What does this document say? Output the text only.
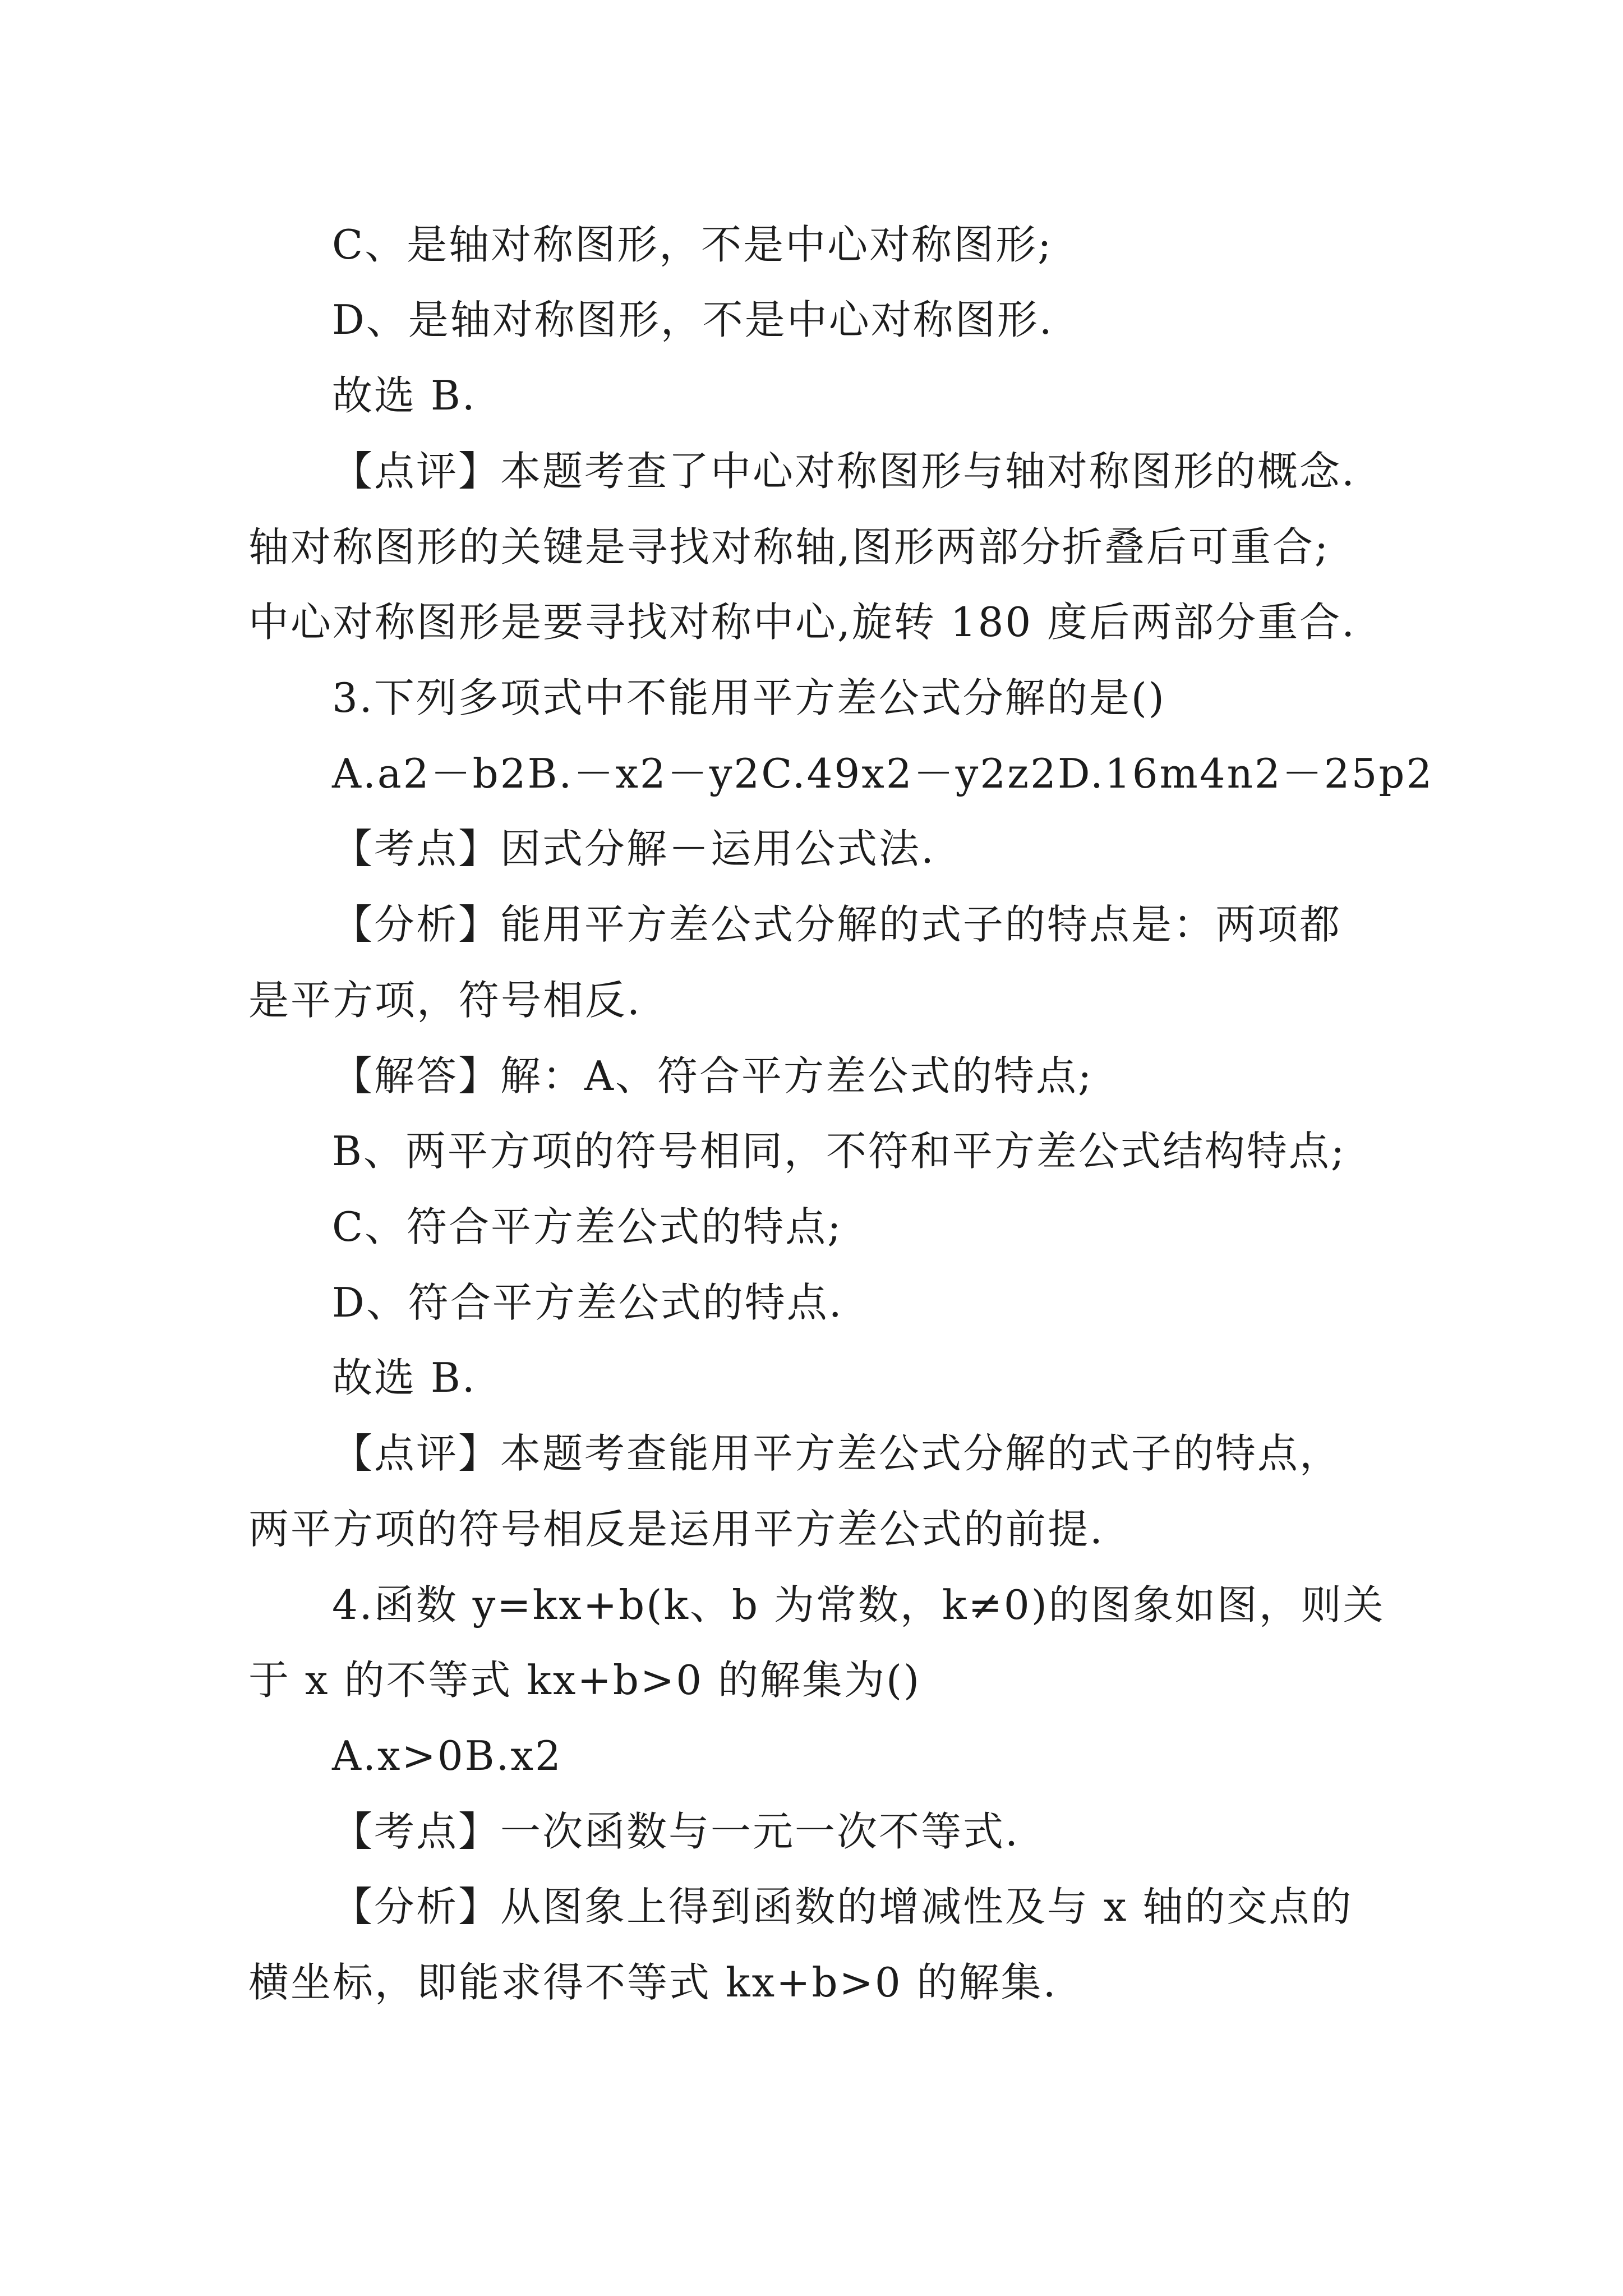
C、是轴对称图形，不是中心对称图形;
D、是轴对称图形，不是中心对称图形.
故选 B.
【点评】本题考查了中心对称图形与轴对称图形的概念.
轴对称图形的关键是寻找对称轴,图形两部分折叠后可重合;
中心对称图形是要寻找对称中心,旋转 180 度后两部分重合.
3.下列多项式中不能用平方差公式分解的是()
A.a2－b2B.－x2－y2C.49x2－y2z2D.16m4n2－25p2
【考点】因式分解－运用公式法.
【分析】能用平方差公式分解的式子的特点是：两项都
是平方项，符号相反.
【解答】解：A、符合平方差公式的特点;
B、两平方项的符号相同，不符和平方差公式结构特点;
C、符合平方差公式的特点;
D、符合平方差公式的特点.
故选 B.
【点评】本题考查能用平方差公式分解的式子的特点，
两平方项的符号相反是运用平方差公式的前提.
4.函数 y=kx+b(k、b 为常数，k≠0)的图象如图，则关
于 x 的不等式 kx+b>0 的解集为()
A.x>0B.x2
【考点】一次函数与一元一次不等式.
【分析】从图象上得到函数的增减性及与 x 轴的交点的
横坐标，即能求得不等式 kx+b>0 的解集.
